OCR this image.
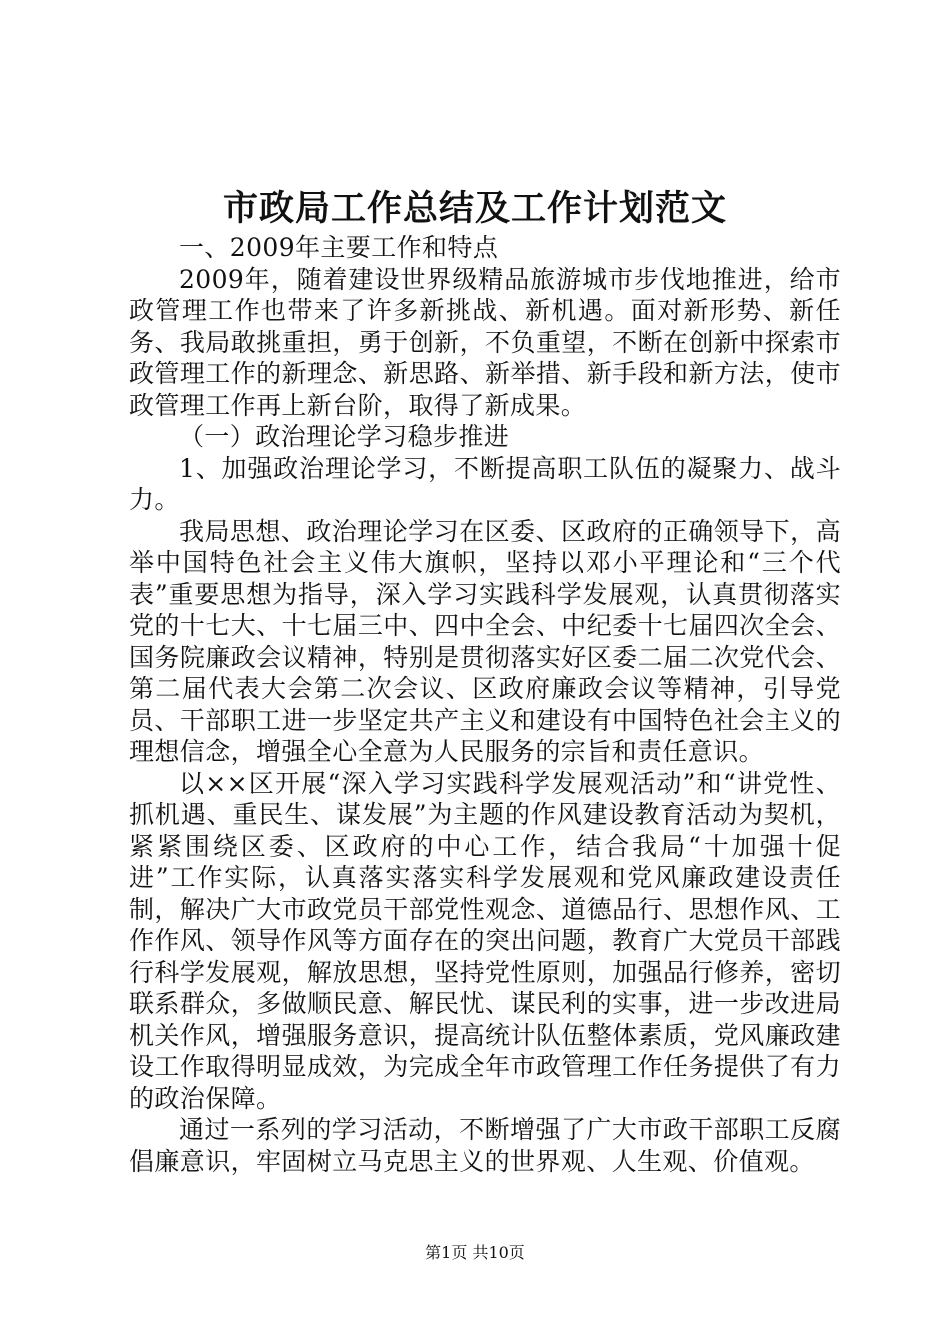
市政局工作总结及工作计划范文

一、2009年主要工作和特点

2009年，随着建设世界级精品旅游城市步伐地推进，给市政管理工作也带来了许多新挑战、新机遇。面对新形势、新任务、我局敢挑重担，勇于创新，不负重望，不断在创新中探索市政管理工作的新理念、新思路、新举措、新手段和新方法，使市政管理工作再上新台阶，取得了新成果。

（一）政治理论学习稳步推进

1、加强政治理论学习，不断提高职工队伍的凝聚力、战斗力。

我局思想、政治理论学习在区委、区政府的正确领导下，高举中国特色社会主义伟大旗帜，坚持以邓小平理论和“三个代表”重要思想为指导，深入学习实践科学发展观，认真贯彻落实党的十七大、十七届三中、四中全会、中纪委十七届四次全会、国务院廉政会议精神，特别是贯彻落实好区委二届二次党代会、第二届代表大会第二次会议、区政府廉政会议等精神，引导党员、干部职工进一步坚定共产主义和建设有中国特色社会主义的理想信念，增强全心全意为人民服务的宗旨和责任意识。

以××区开展“深入学习实践科学发展观活动”和“讲党性、抓机遇、重民生、谋发展”为主题的作风建设教育活动为契机，紧紧围绕区委、区政府的中心工作，结合我局“十加强十促进”工作实际，认真落实落实科学发展观和党风廉政建设责任制，解决广大市政党员干部党性观念、道德品行、思想作风、工作作风、领导作风等方面存在的突出问题，教育广大党员干部践行科学发展观，解放思想，坚持党性原则，加强品行修养，密切联系群众，多做顺民意、解民忧、谋民利的实事，进一步改进局机关作风，增强服务意识，提高统计队伍整体素质，党风廉政建设工作取得明显成效，为完成全年市政管理工作任务提供了有力的政治保障。

通过一系列的学习活动，不断增强了广大市政干部职工反腐倡廉意识，牢固树立马克思主义的世界观、人生观、价值观。

第1页 共10页
